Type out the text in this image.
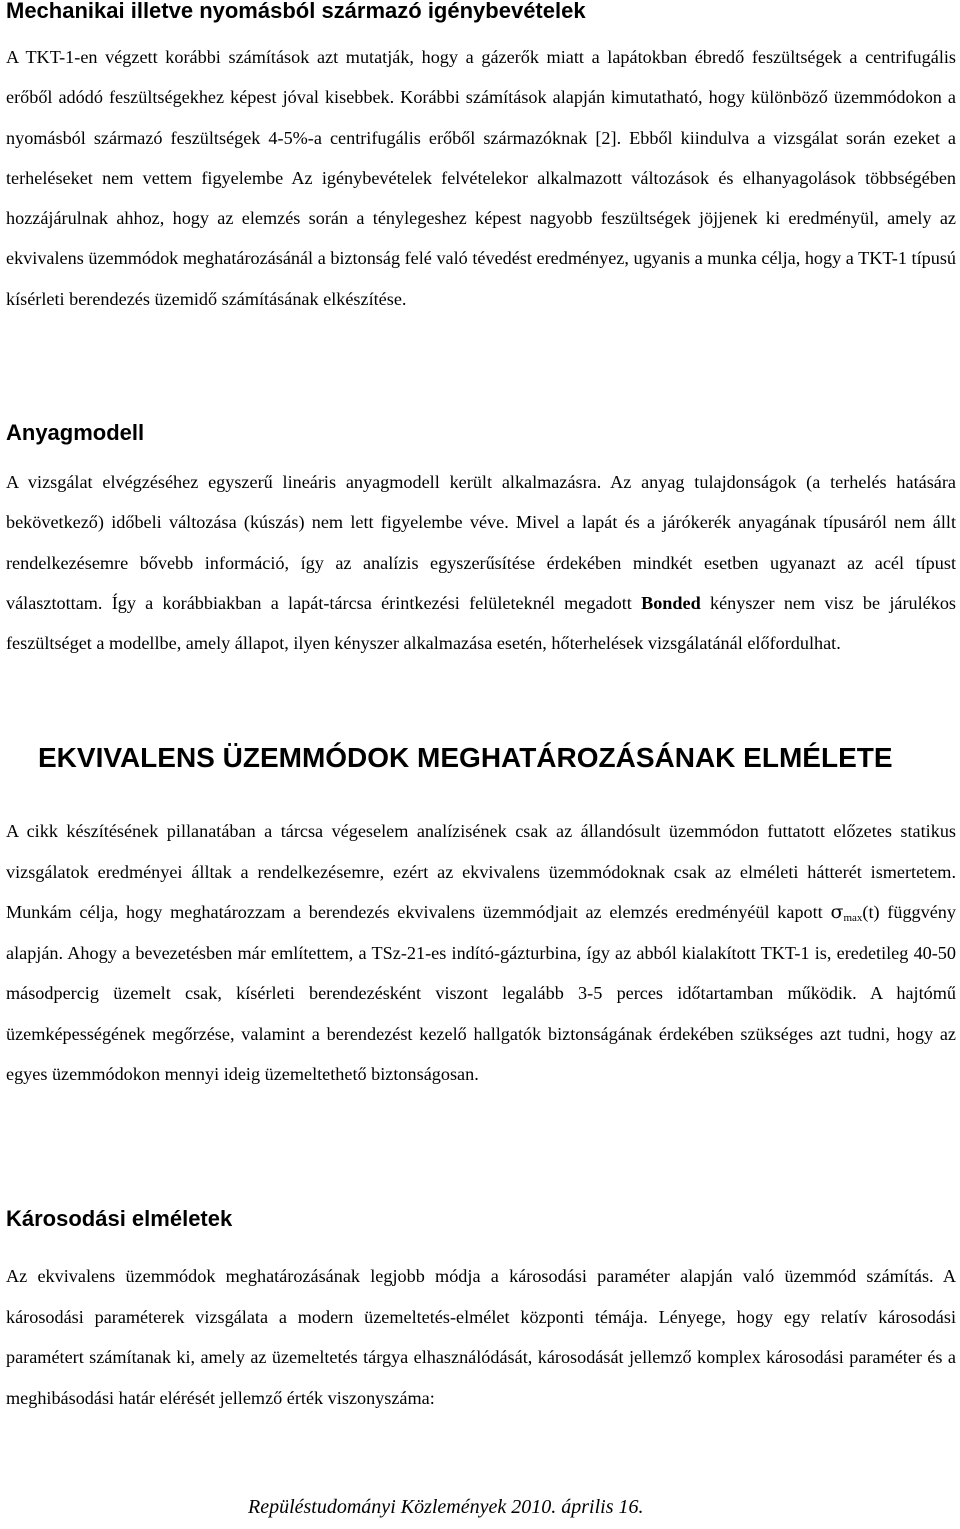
Mechanikai illetve nyomásból származó igénybevételek

A TKT-1-en végzett korábbi számítások azt mutatják, hogy a gázerők miatt a lapátokban ébredő feszültségek a centrifugális erőből adódó feszültségekhez képest jóval kisebbek. Korábbi számítások alapján kimutatható, hogy különböző üzemmódokon a nyomásból származó feszültségek 4-5%-a centrifugális erőből származóknak [2]. Ebből kiindulva a vizsgálat során ezeket a terheléseket nem vettem figyelembe Az igénybevételek felvételekor alkalmazott változások és elhanyagolások többségében hozzájárulnak ahhoz, hogy az elemzés során a ténylegeshez képest nagyobb feszültségek jöjjenek ki eredményül, amely az ekvivalens üzemmódok meghatározásánál a biztonság felé való tévedést eredményez, ugyanis a munka célja, hogy a TKT-1 típusú kísérleti berendezés üzemidő számításának elkészítése.

Anyagmodell

A vizsgálat elvégzéséhez egyszerű lineáris anyagmodell került alkalmazásra. Az anyag tulajdonságok (a terhelés hatására bekövetkező) időbeli változása (kúszás) nem lett figyelembe véve. Mivel a lapát és a járókerék anyagának típusáról nem állt rendelkezésemre bővebb információ, így az analízis egyszerűsítése érdekében mindkét esetben ugyanazt az acél típust választottam. Így a korábbiakban a lapát-tárcsa érintkezési felületeknél megadott Bonded kényszer nem visz be járulékos feszültséget a modellbe, amely állapot, ilyen kényszer alkalmazása esetén, hőterhelések vizsgálatánál előfordulhat.

EKVIVALENS ÜZEMMÓDOK MEGHATÁROZÁSÁNAK ELMÉLETE

A cikk készítésének pillanatában a tárcsa végeselem analízisének csak az állandósult üzemmódon futtatott előzetes statikus vizsgálatok eredményei álltak a rendelkezésemre, ezért az ekvivalens üzemmódoknak csak az elméleti hátterét ismertetem. Munkám célja, hogy meghatározzam a berendezés ekvivalens üzemmódjait az elemzés eredményéül kapott $\sigma_{max}(t)$ függvény alapján. Ahogy a bevezetésben már említettem, a TSz-21-es indító-gázturbina, így az abból kialakított TKT-1 is, eredetileg 40-50 másodpercig üzemelt csak, kísérleti berendezésként viszont legalább 3-5 perces időtartamban működik. A hajtómű üzemképességének megőrzése, valamint a berendezést kezelő hallgatók biztonságának érdekében szükséges azt tudni, hogy az egyes üzemmódokon mennyi ideig üzemeltethető biztonságosan.

Károsodási elméletek

Az ekvivalens üzemmódok meghatározásának legjobb módja a károsodási paraméter alapján való üzemmód számítás. A károsodási paraméterek vizsgálata a modern üzemeltetés-elmélet központi témája. Lényege, hogy egy relatív károsodási paramétert számítanak ki, amely az üzemeltetés tárgya elhasználódását, károsodását jellemző komplex károsodási paraméter és a meghibásodási határ elérését jellemző érték viszonyszáma:

Repüléstudományi Közlemények 2010. április 16.
